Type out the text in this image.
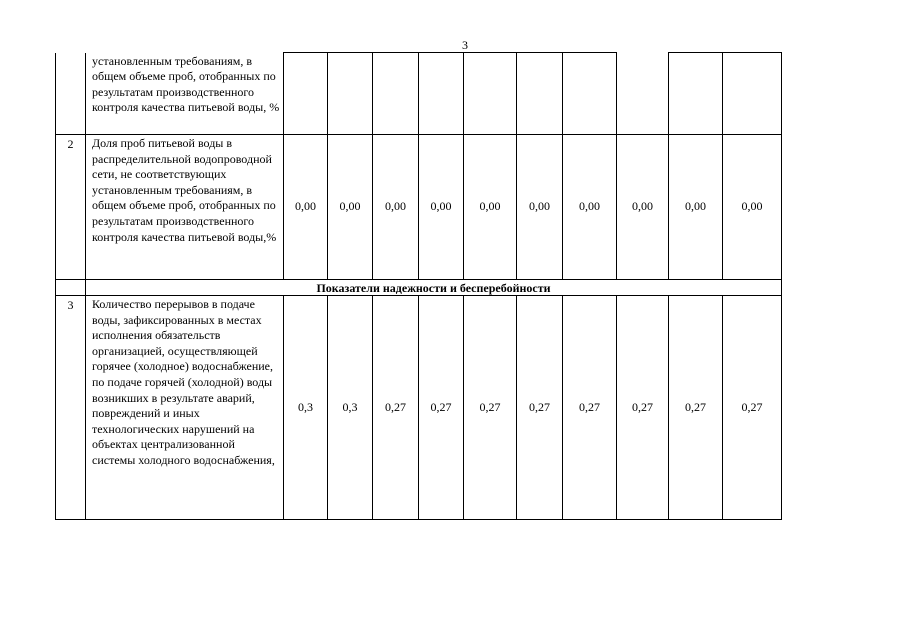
3
	установленным требованиям, в общем объеме проб, отобранных по результатам производственного контроля качества питьевой воды, %										
2	Доля проб питьевой воды в распределительной водопроводной сети, не соответствующих установленным требованиям, в общем объеме проб, отобранных по результатам производственного контроля качества питьевой воды,%	0,00	0,00	0,00	0,00	0,00	0,00	0,00	0,00	0,00	0,00
	Показатели надежности и бесперебойности										
3	Количество перерывов в подаче воды, зафиксированных в местах исполнения обязательств организацией, осуществляющей горячее (холодное) водоснабжение, по подаче горячей (холодной) воды возникших в результате аварий, повреждений и иных технологических нарушений на объектах централизованной системы холодного водоснабжения,	0,3	0,3	0,27	0,27	0,27	0,27	0,27	0,27	0,27	0,27
